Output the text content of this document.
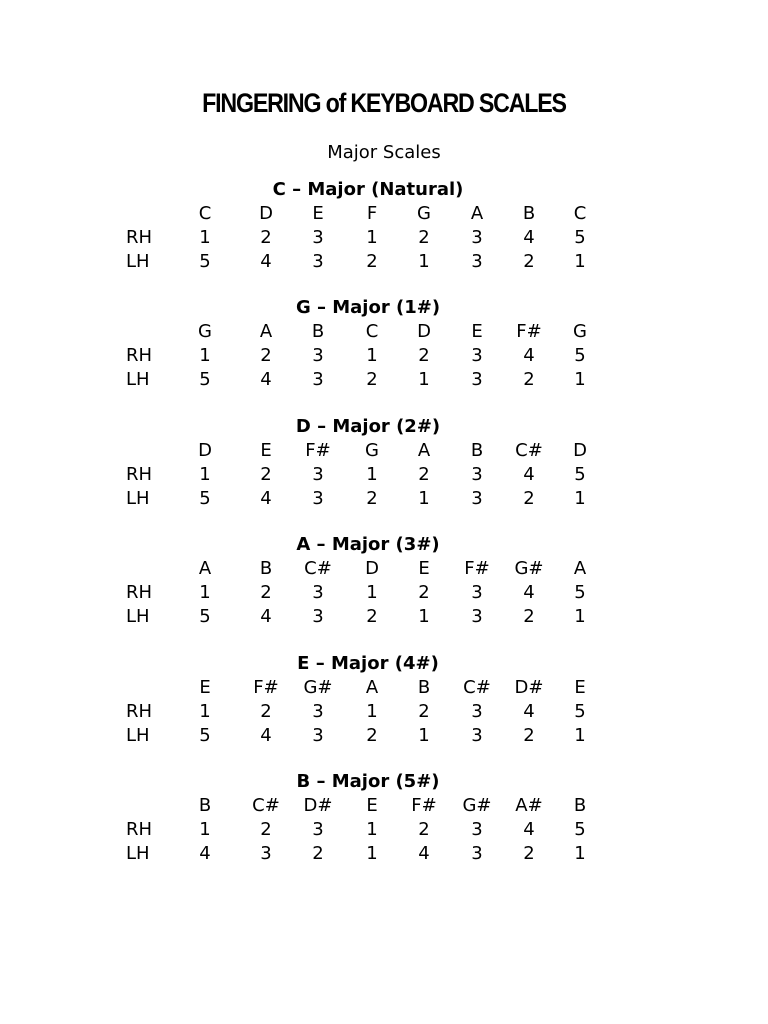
FINGERING of KEYBOARD SCALES
Major Scales
C – Major (Natural)
C	D	E	F	G	A	B	C
RH	1	2	3	1	2	3	4	5
LH	5	4	3	2	1	3	2	1
G – Major (1#)
G	A	B	C	D	E	F#	G
RH	1	2	3	1	2	3	4	5
LH	5	4	3	2	1	3	2	1
D – Major (2#)
D	E	F#	G	A	B	C#	D
RH	1	2	3	1	2	3	4	5
LH	5	4	3	2	1	3	2	1
A – Major (3#)
A	B	C#	D	E	F#	G#	A
RH	1	2	3	1	2	3	4	5
LH	5	4	3	2	1	3	2	1
E – Major (4#)
E	F#	G#	A	B	C#	D#	E
RH	1	2	3	1	2	3	4	5
LH	5	4	3	2	1	3	2	1
B – Major (5#)
B	C#	D#	E	F#	G#	A#	B
RH	1	2	3	1	2	3	4	5
LH	4	3	2	1	4	3	2	1
